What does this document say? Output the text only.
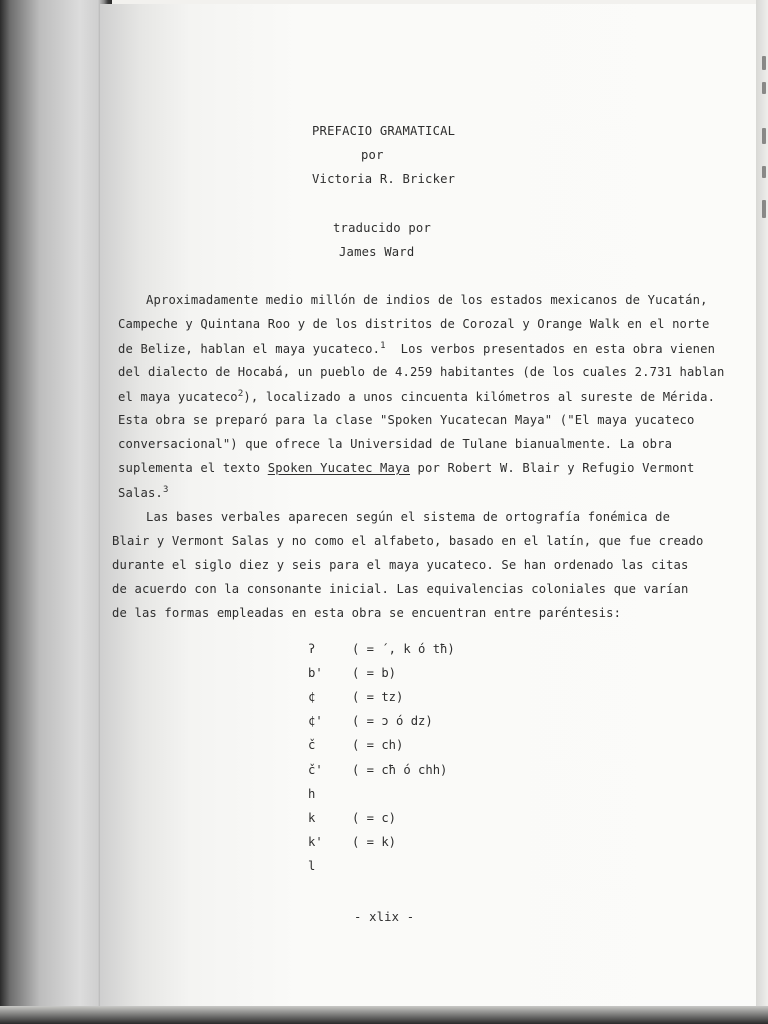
PREFACIO GRAMATICAL
por
Victoria R. Bricker
traducido por
James Ward
Aproximadamente medio millón de indios de los estados mexicanos de Yucatán,
Campeche y Quintana Roo y de los distritos de Corozal y Orange Walk en el norte
de Belize, hablan el maya yucateco.$^1$  Los verbos presentados en esta obra vienen
del dialecto de Hocabá, un pueblo de 4.259 habitantes (de los cuales 2.731 hablan
el maya yucateco$^2$), localizado a unos cincuenta kilómetros al sureste de Mérida.
Esta obra se preparó para la clase "Spoken Yucatecan Maya" ("El maya yucateco
conversacional") que ofrece la Universidad de Tulane bianualmente. La obra
suplementa el texto Spoken Yucatec Maya por Robert W. Blair y Refugio Vermont
Salas.$^3$
Las bases verbales aparecen según el sistema de ortografía fonémica de
Blair y Vermont Salas y no como el alfabeto, basado en el latín, que fue creado
durante el siglo diez y seis para el maya yucateco. Se han ordenado las citas
de acuerdo con la consonante inicial. Las equivalencias coloniales que varían
de las formas empleadas en esta obra se encuentran entre paréntesis:
ʔ	( = ´, k ó tħ)
b' ( = b)
¢	( = tz)
¢' ( = ɔ ó dz)
č	( = ch)
č' ( = cħ ó chh)
h
k	( = c)
k' ( = k)
l
- xlix -
